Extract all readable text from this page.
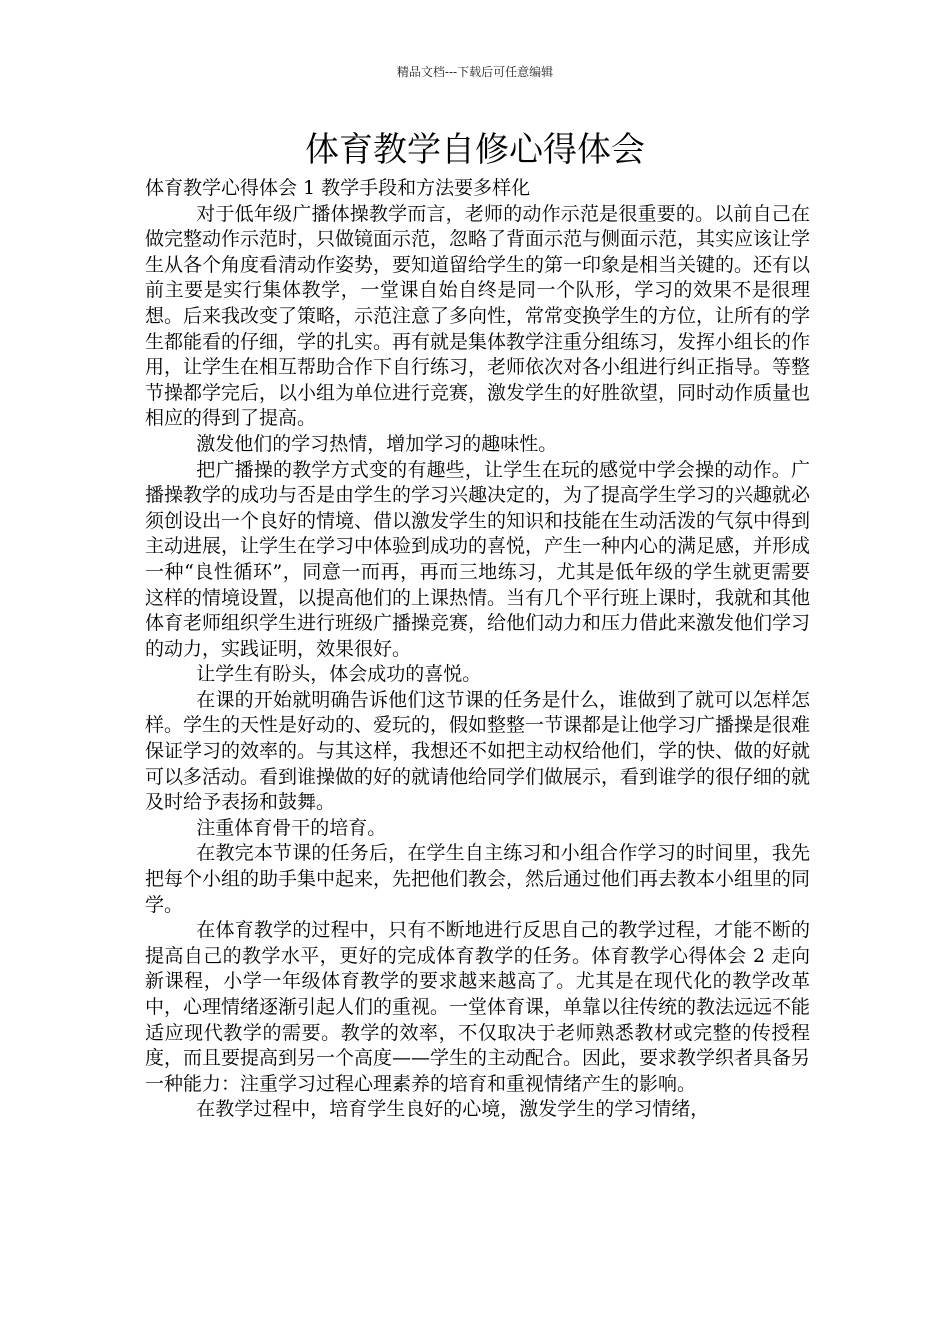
精品文档---下载后可任意编辑
体育教学自修心得体会

体育教学心得体会 1 教学手段和方法要多样化

对于低年级广播体操教学而言，老师的动作示范是很重要的。以前自己在做完整动作示范时，只做镜面示范，忽略了背面示范与侧面示范，其实应该让学生从各个角度看清动作姿势，要知道留给学生的第一印象是相当关键的。还有以前主要是实行集体教学，一堂课自始自终是同一个队形，学习的效果不是很理想。后来我改变了策略，示范注意了多向性，常常变换学生的方位，让所有的学生都能看的仔细，学的扎实。再有就是集体教学注重分组练习，发挥小组长的作用，让学生在相互帮助合作下自行练习，老师依次对各小组进行纠正指导。等整节操都学完后，以小组为单位进行竞赛，激发学生的好胜欲望，同时动作质量也相应的得到了提高。

激发他们的学习热情，增加学习的趣味性。

把广播操的教学方式变的有趣些，让学生在玩的感觉中学会操的动作。广播操教学的成功与否是由学生的学习兴趣决定的，为了提高学生学习的兴趣就必须创设出一个良好的情境、借以激发学生的知识和技能在生动活泼的气氛中得到主动进展，让学生在学习中体验到成功的喜悦，产生一种内心的满足感，并形成一种“良性循环”，同意一而再，再而三地练习，尤其是低年级的学生就更需要这样的情境设置，以提高他们的上课热情。当有几个平行班上课时，我就和其他体育老师组织学生进行班级广播操竞赛，给他们动力和压力借此来激发他们学习的动力，实践证明，效果很好。

让学生有盼头，体会成功的喜悦。

在课的开始就明确告诉他们这节课的任务是什么，谁做到了就可以怎样怎样。学生的天性是好动的、爱玩的，假如整整一节课都是让他学习广播操是很难保证学习的效率的。与其这样，我想还不如把主动权给他们，学的快、做的好就可以多活动。看到谁操做的好的就请他给同学们做展示，看到谁学的很仔细的就及时给予表扬和鼓舞。

注重体育骨干的培育。

在教完本节课的任务后，在学生自主练习和小组合作学习的时间里，我先把每个小组的助手集中起来，先把他们教会，然后通过他们再去教本小组里的同学。

在体育教学的过程中，只有不断地进行反思自己的教学过程，才能不断的提高自己的教学水平，更好的完成体育教学的任务。体育教学心得体会 2 走向新课程，小学一年级体育教学的要求越来越高了。尤其是在现代化的教学改革中，心理情绪逐渐引起人们的重视。一堂体育课，单靠以往传统的教法远远不能适应现代教学的需要。教学的效率，不仅取决于老师熟悉教材或完整的传授程度，而且要提高到另一个高度——学生的主动配合。因此，要求教学织者具备另一种能力：注重学习过程心理素养的培育和重视情绪产生的影响。

在教学过程中，培育学生良好的心境，激发学生的学习情绪，
